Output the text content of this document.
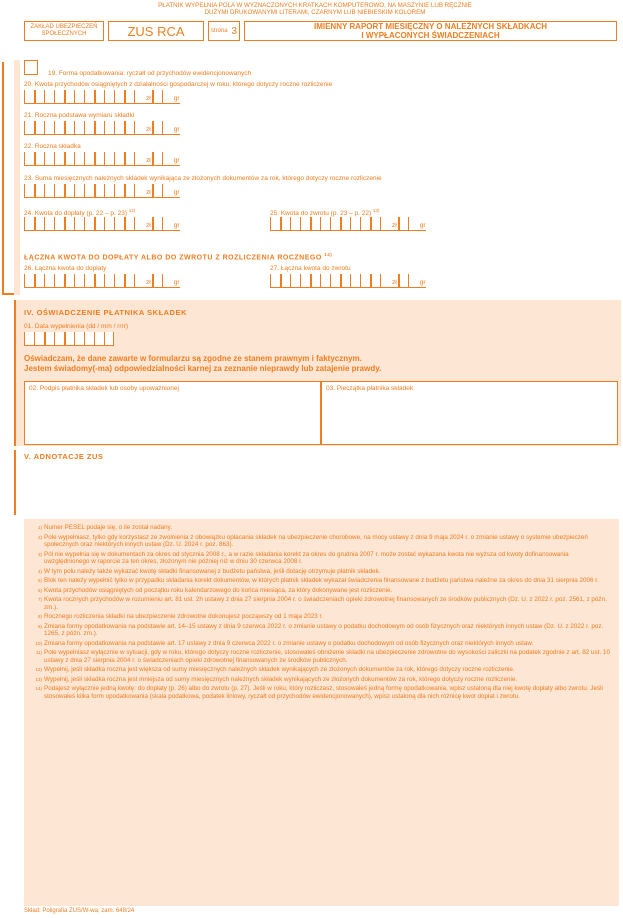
PŁATNIK WYPEŁNIA POLA W WYZNACZONYCH KRATKACH KOMPUTEROWO, NA MASZYNIE LUB RĘCZNIE
DUŻYMI DRUKOWANYMI LITERAMI, CZARNYM LUB NIEBIESKIM KOLOREM
ZAKŁAD UBEZPIECZEŃ
SPOŁECZNYCH	ZUS RCA	strona 3	IMIENNY RAPORT MIESIĘCZNY O NALEŻNYCH SKŁADKACH
I WYPŁACONYCH ŚWIADCZENIACH
19. Forma opodatkowania: ryczałt od przychodów ewidencjonowanych
20. Kwota przychodów osiągniętych z działalności gospodarczej w roku, którego dotyczy roczne rozliczenie
zł	gr
21. Roczna podstawa wymiaru składki
zł	gr
22. Roczna składka
zł	gr
23. Suma miesięcznych należnych składek wynikająca ze złożonych dokumentów za rok, którego dotyczy roczne rozliczenie
zł	gr
24. Kwota do dopłaty (p. 22 – p. 23) $^{12)}$
zł	gr
25. Kwota do zwrotu (p. 23 – p. 22) $^{13)}$
zł	gr
ŁĄCZNA KWOTA DO DOPŁATY ALBO DO ZWROTU Z ROZLICZENIA ROCZNEGO $^{14)}$
26. Łączna kwota do dopłaty
zł	gr
27. Łączna kwota do zwrotu
zł	gr
IV. OŚWIADCZENIE PŁATNIKA SKŁADEK
01. Data wypełnienia (dd / mm / rrrr)
Oświadczam, że dane zawarte w formularzu są zgodne ze stanem prawnym i faktycznym.
Jestem świadomy(-ma) odpowiedzialności karnej za zeznanie nieprawdy lub zatajenie prawdy.
02. Podpis płatnika składek lub osoby upoważnionej	03. Pieczątka płatnika składek
V. ADNOTACJE ZUS
1) Numer PESEL podaje się, o ile został nadany.
2) Pole wypełniasz, tylko gdy korzystasz ze zwolnienia z obowiązku opłacania składek na ubezpieczenie chorobowe, na mocy ustawy z dnia 9 maja 2024 r. o zmianie ustawy o systemie ubezpieczeń społecznych oraz niektórych innych ustaw (Dz. U. 2024 r. poz. 863).
3) Pól nie wypełnia się w dokumentach za okres od stycznia 2008 r., a w razie składania korekt za okres do grudnia 2007 r. może zostać wykazana kwota nie wyższa od kwoty dofinansowania uwzględnionego w raporcie za ten okres, złożonym nie później niż w dniu 30 czerwca 2008 r.
4) W tym polu należy także wykazać kwotę składki finansowanej z budżetu państwa, jeśli dotację otrzymuje płatnik składek.
5) Blok ten należy wypełnić tylko w przypadku składania korekt dokumentów, w których płatnik składek wykazał świadczenia finansowane z budżetu państwa należne za okres do dnia 31 sierpnia 2006 r.
6) Kwota przychodów osiągniętych od początku roku kalendarzowego do końca miesiąca, za który dokonywane jest rozliczenie.
7) Kwota rocznych przychodów w rozumieniu art. 81 ust. 2h ustawy z dnia 27 sierpnia 2004 r. o świadczeniach opieki zdrowotnej finansowanych ze środków publicznych (Dz. U. z 2022 r. poz. 2561, z późn. zm.).
8) Rocznego rozliczenia składki na ubezpieczenie zdrowotne dokonujesz począwszy od 1 maja 2023 r.
9) Zmiana formy opodatkowania na podstawie art. 14–15 ustawy z dnia 9 czerwca 2022 r. o zmianie ustawy o podatku dochodowym od osób fizycznych oraz niektórych innych ustaw (Dz. U. z 2022 r. poz. 1265, z późn. zm.).
10) Zmiana formy opodatkowania na podstawie art. 17 ustawy z dnia 9 czerwca 2022 r. o zmianie ustawy o podatku dochodowym od osób fizycznych oraz niektórych innych ustaw.
11) Pole wypełniasz wyłącznie w sytuacji, gdy w roku, którego dotyczy roczne rozliczenie, stosowałeś obniżenie składki na ubezpieczenie zdrowotne do wysokości zaliczki na podatek zgodnie z art. 82 ust. 10 ustawy z dnia 27 sierpnia 2004 r. o świadczeniach opieki zdrowotnej finansowanych ze środków publicznych.
12) Wypełnij, jeśli składka roczna jest większa od sumy miesięcznych należnych składek wynikających ze złożonych dokumentów za rok, którego dotyczy roczne rozliczenie.
13) Wypełnij, jeśli składka roczna jest mniejsza od sumy miesięcznych należnych składek wynikających ze złożonych dokumentów za rok, którego dotyczy roczne rozliczenie.
14) Podajesz wyłącznie jedną kwotę: do dopłaty (p. 26) albo do zwrotu (p. 27). Jeśli w roku, który rozliczasz, stosowałeś jedną formę opodatkowania, wpisz ustaloną dla niej kwotę dopłaty albo zwrotu. Jeśli stosowałeś kilka form opodatkowania (skala podatkowa, podatek liniowy, ryczałt od przychodów ewidencjonowanych), wpisz ustaloną dla nich różnicę kwot dopłat i zwrotu.
Skład: Poligrafia ZUS/W-wa; zam. 648/24
